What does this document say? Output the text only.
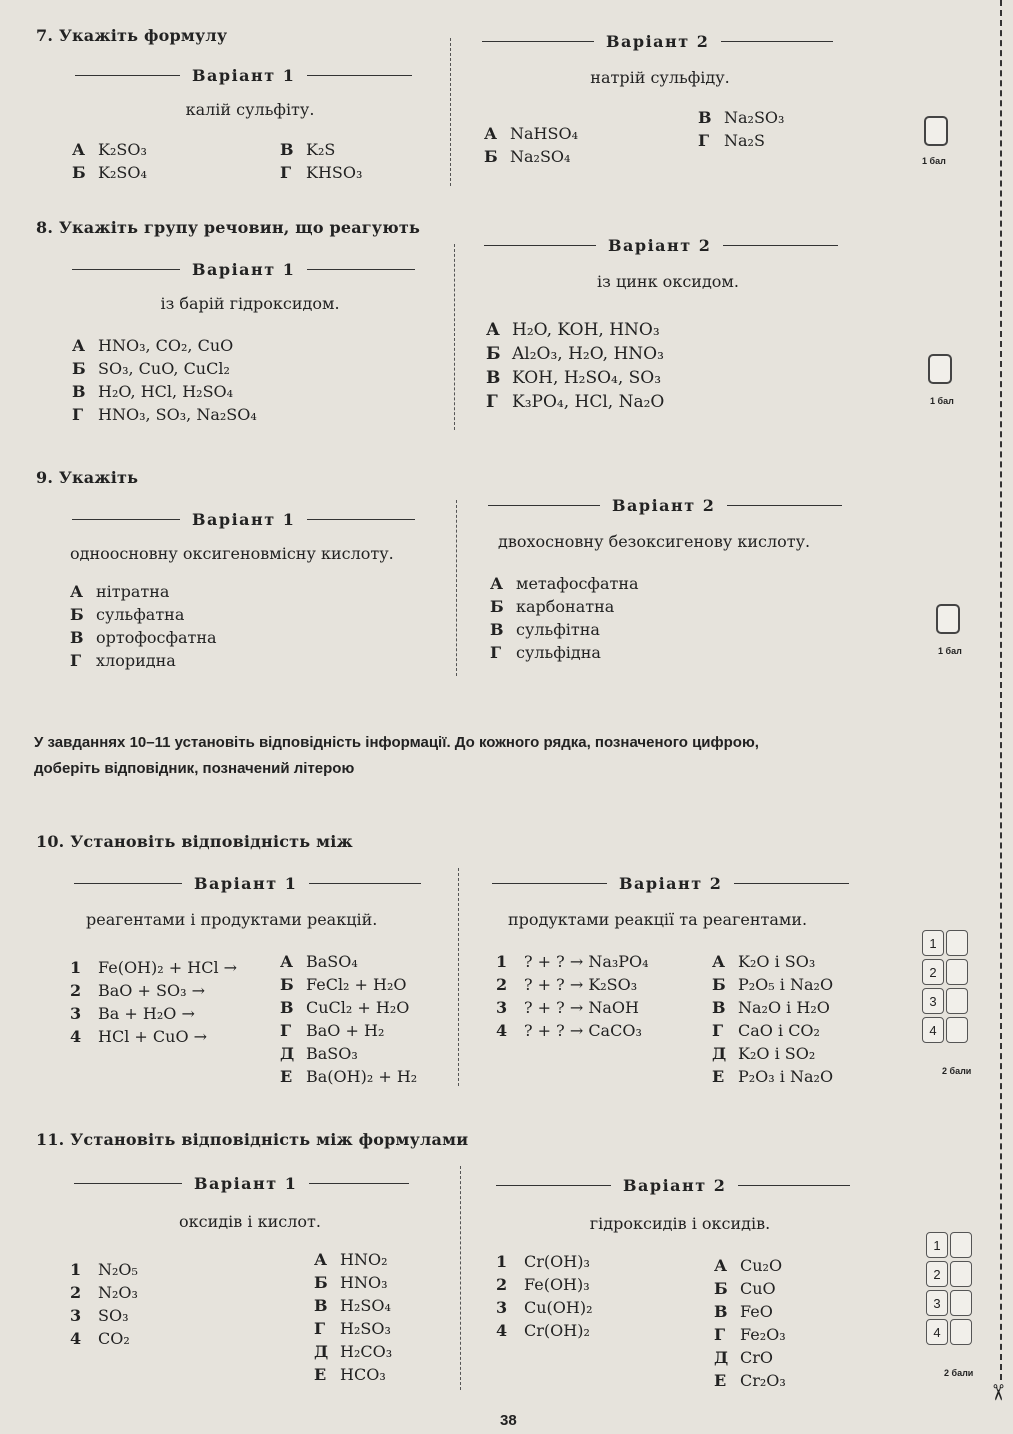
✂
7. Укажіть формулу
Варіант 1
Варіант 2
калій сульфіту.
натрій сульфіду.
А K₂SO₃
Б K₂SO₄
В K₂S
Г KHSO₃
А NaHSO₄
Б Na₂SO₄
В Na₂SO₃
Г Na₂S
1 бал
8. Укажіть групу речовин, що реагують
Варіант 1
Варіант 2
із барій гідроксидом.
із цинк оксидом.
А HNO₃, CO₂, CuO
Б SO₃, CuO, CuCl₂
В H₂O, HCl, H₂SO₄
Г HNO₃, SO₃, Na₂SO₄
А H₂O, KOH, HNO₃
Б Al₂O₃, H₂O, HNO₃
В KOH, H₂SO₄, SO₃
Г K₃PO₄, HCl, Na₂O	1 бал
9. Укажіть
Варіант 1
Варіант 2
одноосновну оксигеновмісну кислоту.
двохосновну безоксигенову кислоту.
А нітратна
Б сульфатна
В ортофосфатна
Г хлоридна
А метафосфатна
Б карбонатна
В сульфітна
Г сульфідна	1 бал
У завданнях 10–11 установіть відповідність інформації. До кожного рядка, позначеного цифрою,
доберіть відповідник, позначений літерою
10. Установіть відповідність між
Варіант 1	Варіант 2
реагентами і продуктами реакцій.	продуктами реакції та реагентами.
1 Fe(OH)₂ + HCl →
2 BaO + SO₃ →
3 Ba + H₂O →
4 HCl + CuO →
А BaSO₄
Б FeCl₂ + H₂O
В CuCl₂ + H₂O
Г BaO + H₂
Д BaSO₃
Е Ba(OH)₂ + H₂
1 ? + ? → Na₃PO₄
2 ? + ? → K₂SO₃
3 ? + ? → NaOH
4 ? + ? → CaCO₃
А K₂O і SO₃
Б P₂O₅ і Na₂O
В Na₂O і H₂O
Г CaO і CO₂
Д K₂O і SO₂
Е P₂O₃ і Na₂O
1
2
3
4
2 бали
11. Установіть відповідність між формулами
Варіант 1	Варіант 2
оксидів і кислот.	гідроксидів і оксидів.
1 N₂O₅
2 N₂O₃
3 SO₃
4 CO₂
А HNO₂
Б HNO₃
В H₂SO₄
Г H₂SO₃
Д H₂CO₃
Е HCO₃
1 Cr(OH)₃
2 Fe(OH)₃
3 Cu(OH)₂
4 Cr(OH)₂
А Cu₂O
Б CuO
В FeO
Г Fe₂O₃
Д CrO
Е Cr₂O₃
1
2
3
4
2 бали
38
